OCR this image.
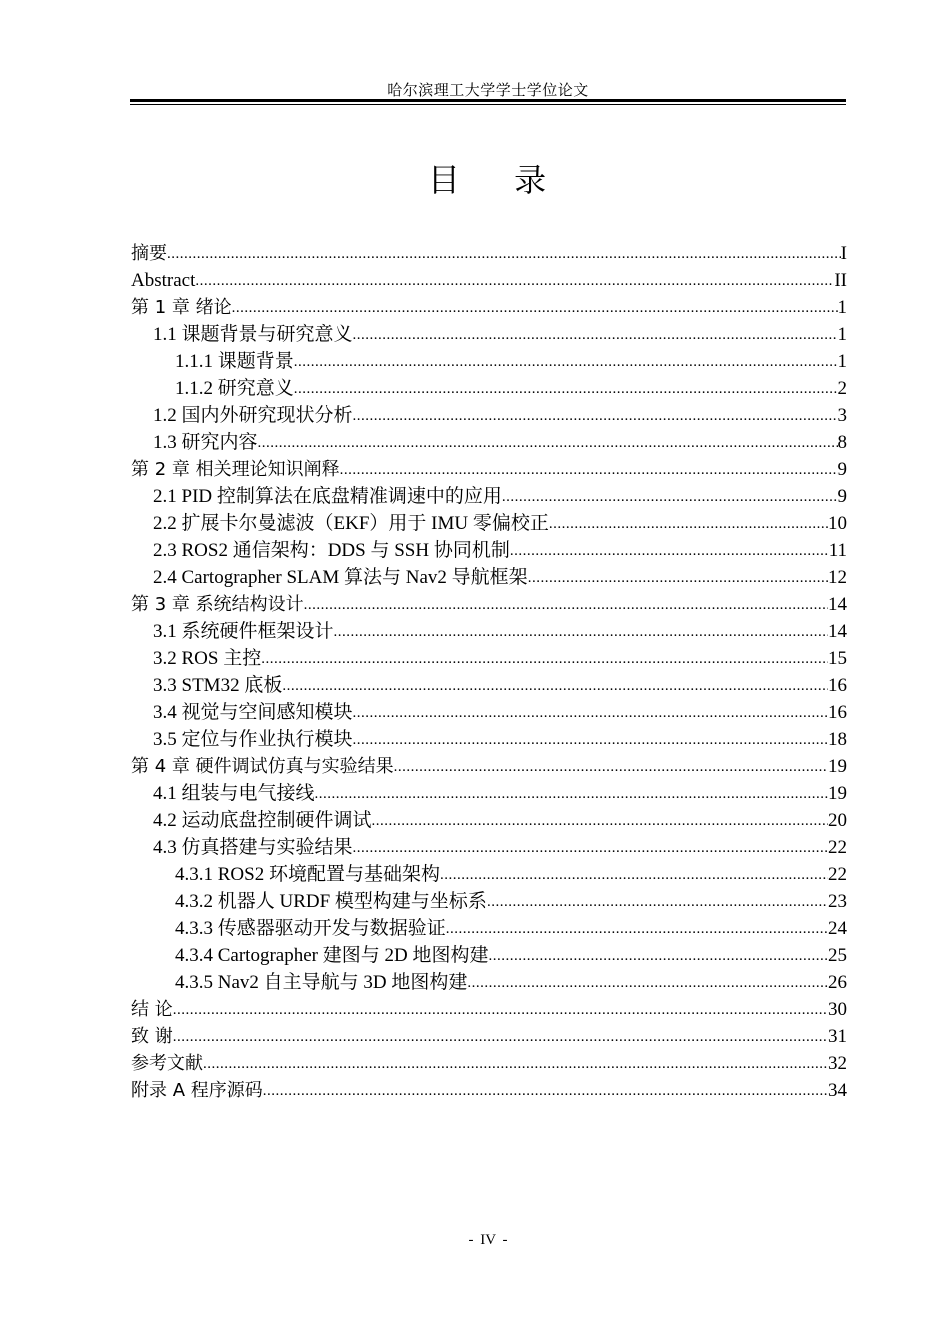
哈尔滨理工大学学士学位论文
目 录
摘要 .....	I
Abstract .....	II
第 1 章 绪论 .....	1
1.1 课题背景与研究意义 .....	1
1.1.1 课题背景 .....	1
1.1.2 研究意义 .....	2
1.2 国内外研究现状分析 .....	3
1.3 研究内容 .....	8
第 2 章 相关理论知识阐释 .....	9
2.1 PID 控制算法在底盘精准调速中的应用 .....	9
2.2 扩展卡尔曼滤波（EKF）用于 IMU 零偏校正 .....	10
2.3 ROS2 通信架构：DDS 与 SSH 协同机制 .....	11
2.4 Cartographer SLAM 算法与 Nav2 导航框架 .....	12
第 3 章 系统结构设计 .....	14
3.1 系统硬件框架设计 .....	14
3.2 ROS 主控 .....	15
3.3 STM32 底板 .....	16
3.4 视觉与空间感知模块 .....	16
3.5 定位与作业执行模块 .....	18
第 4 章 硬件调试仿真与实验结果 .....	19
4.1 组装与电气接线 .....	19
4.2 运动底盘控制硬件调试 .....	20
4.3 仿真搭建与实验结果 .....	22
4.3.1 ROS2 环境配置与基础架构 .....	22
4.3.2 机器人 URDF 模型构建与坐标系 .....	23
4.3.3 传感器驱动开发与数据验证 .....	24
4.3.4 Cartographer 建图与 2D 地图构建 .....	25
4.3.5 Nav2 自主导航与 3D 地图构建 .....	26
结 论 .....	30
致 谢 .....	31
参考文献 .....	32
附录 A 程序源码 .....	34
- IV -
